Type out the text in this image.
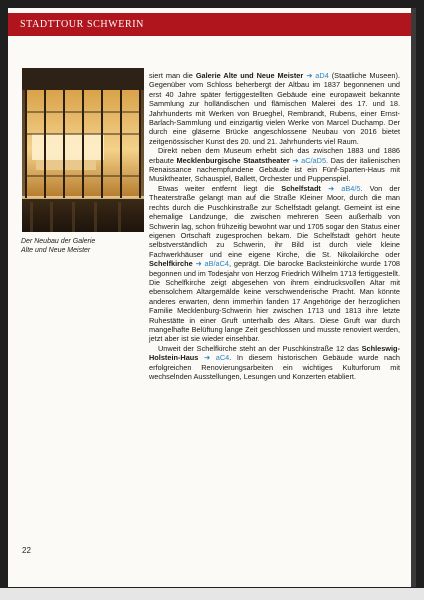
STADTTOUR SCHWERIN
Der Neubau der Galerie
Alte und Neue Meister

siert man die Galerie Alte und Neue Meister ➜ aD4 (Staatliche Museen). Gegenüber vom Schloss beherbergt der Altbau im 1837 begonnenen und erst 40 Jahre später fertiggestellten Gebäude eine europaweit bekannte Sammlung zur holländischen und flämischen Malerei des 17. und 18. Jahrhunderts mit Werken von Brueghel, Rembrandt, Rubens, einer Ernst-Barlach-Sammlung und einzigartig vielen Werke von Marcel Duchamp. Der durch eine gläserne Brücke angeschlossene Neubau von 2016 bietet zeitgenössischer Kunst des 20. und 21. Jahrhunderts viel Raum.

Direkt neben dem Museum erhebt sich das zwischen 1883 und 1886 erbaute Mecklenburgische Staatstheater ➜ aC/aD5. Das der italienischen Renaissance nachempfundene Gebäude ist ein Fünf-Sparten-Haus mit Musiktheater, Schauspiel, Ballett, Orchester und Puppenspiel.

Etwas weiter entfernt liegt die Schelfstadt ➜ aB4/5. Von der Theaterstraße gelangt man auf die Straße Kleiner Moor, durch die man rechts durch die Puschkinstraße zur Schelfstadt gelangt. Gemeint ist eine ehemalige Landzunge, die zwischen mehreren Seen außerhalb von Schwerin lag, schon frühzeitig bewohnt war und 1705 sogar den Status einer eigenen Ortschaft zugesprochen bekam. Die Schelfstadt gehört heute selbstverständlich zu Schwerin, ihr Bild ist durch viele kleine Fachwerkhäuser und eine eigene Kirche, die St. Nikolaikirche oder Schelfkirche ➜ aB/aC4, geprägt. Die barocke Backsteinkirche wurde 1708 begonnen und im Todesjahr von Herzog Friedrich Wilhelm 1713 fertiggestellt. Die Schelfkirche zeigt abgesehen von ihrem eindrucksvollen Altar mit ebensolchem Altargemälde keine verschwenderische Pracht. Man könnte anderes erwarten, denn immerhin fanden 17 Angehörige der herzoglichen Familie Mecklenburg-Schwerin hier zwischen 1713 und 1813 ihre letzte Ruhestätte in einer Gruft unterhalb des Altars. Diese Gruft war durch mangelhafte Belüftung lange Zeit geschlossen und musste renoviert werden, jetzt aber ist sie wieder einsehbar.

Unweit der Schelfkirche steht an der Puschkinstraße 12 das Schleswig-Holstein-Haus ➜ aC4. In diesem historischen Gebäude wurde nach erfolgreichen Renovierungsarbeiten ein wichtiges Kulturforum mit wechselnden Ausstellungen, Lesungen und Konzerten etabliert.

22
